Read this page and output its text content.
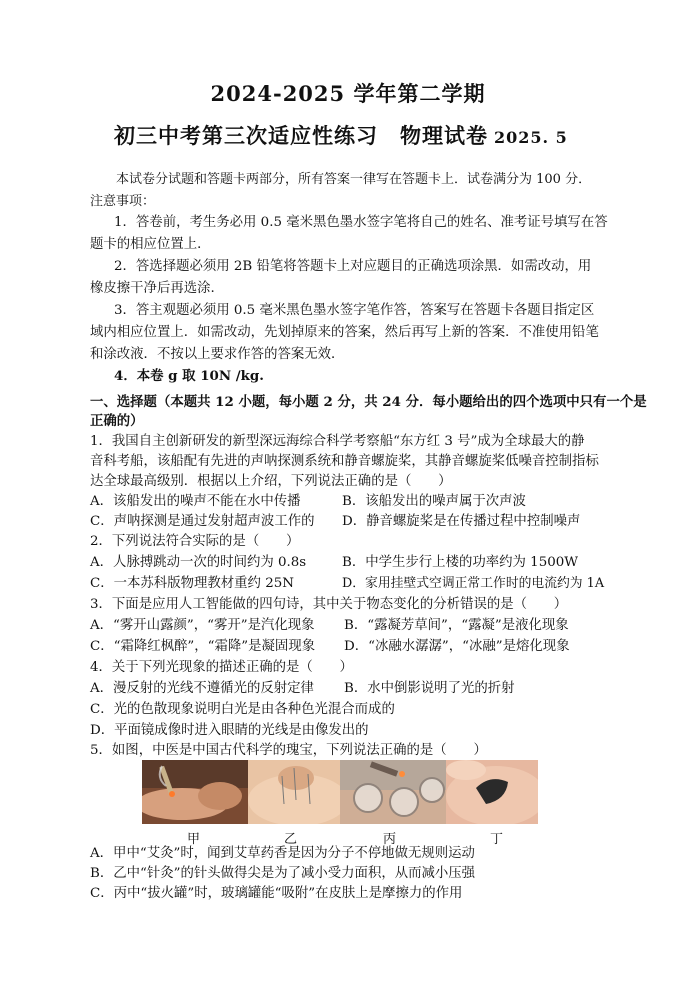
2024-2025 学年第二学期
初三中考第三次适应性练习 物理试卷 2025. 5
本试卷分试题和答题卡两部分，所有答案一律写在答题卡上．试卷满分为 100 分．
注意事项：
1．答卷前，考生务必用 0.5 毫米黑色墨水签字笔将自己的姓名、准考证号填写在答
题卡的相应位置上．
2．答选择题必须用 2B 铅笔将答题卡上对应题目的正确选项涂黑．如需改动，用
橡皮擦干净后再选涂.
3．答主观题必须用 0.5 毫米黑色墨水签字笔作答，答案写在答题卡各题目指定区
域内相应位置上．如需改动，先划掉原来的答案，然后再写上新的答案．不准使用铅笔
和涂改液．不按以上要求作答的答案无效．
4．本卷 g 取 10N /kg.
一、选择题（本题共 12 小题，每小题 2 分，共 24 分．每小题给出的四个选项中只有一个是
正确的）
1．我国自主创新研发的新型深远海综合科学考察船“东方红 3 号”成为全球最大的静
音科考船，该船配有先进的声呐探测系统和静音螺旋桨，其静音螺旋桨低噪音控制指标
达全球最高级别．根据以上介绍，下列说法正确的是（　　）
A．该船发出的噪声不能在水中传播	B．该船发出的噪声属于次声波
C．声呐探测是通过发射超声波工作的 D．静音螺旋桨是在传播过程中控制噪声
2．下列说法符合实际的是（　　）
A．人脉搏跳动一次的时间约为 0.8s	B．中学生步行上楼的功率约为 1500W
C．一本苏科版物理教材重约 25N	D．家用挂壁式空调正常工作时的电流约为 1A
3．下面是应用人工智能做的四句诗，其中关于物态变化的分析错误的是（　　）
A．“雾开山露颜”，“雾开”是汽化现象 B．“露凝芳草间”，“露凝”是液化现象
C．“霜降红枫醉”，“霜降”是凝固现象 D．“冰融水潺潺”，“冰融”是熔化现象
4．关于下列光现象的描述正确的是（　　）
A．漫反射的光线不遵循光的反射定律 B．水中倒影说明了光的折射
C．光的色散现象说明白光是由各种色光混合而成的
D．平面镜成像时进入眼睛的光线是由像发出的
5．如图，中医是中国古代科学的瑰宝，下列说法正确的是（　　）
甲	乙	丙	丁
A．甲中“艾灸”时，闻到艾草药香是因为分子不停地做无规则运动
B．乙中“针灸”的针头做得尖是为了减小受力面积，从而减小压强
C．丙中“拔火罐”时，玻璃罐能“吸附”在皮肤上是摩擦力的作用
